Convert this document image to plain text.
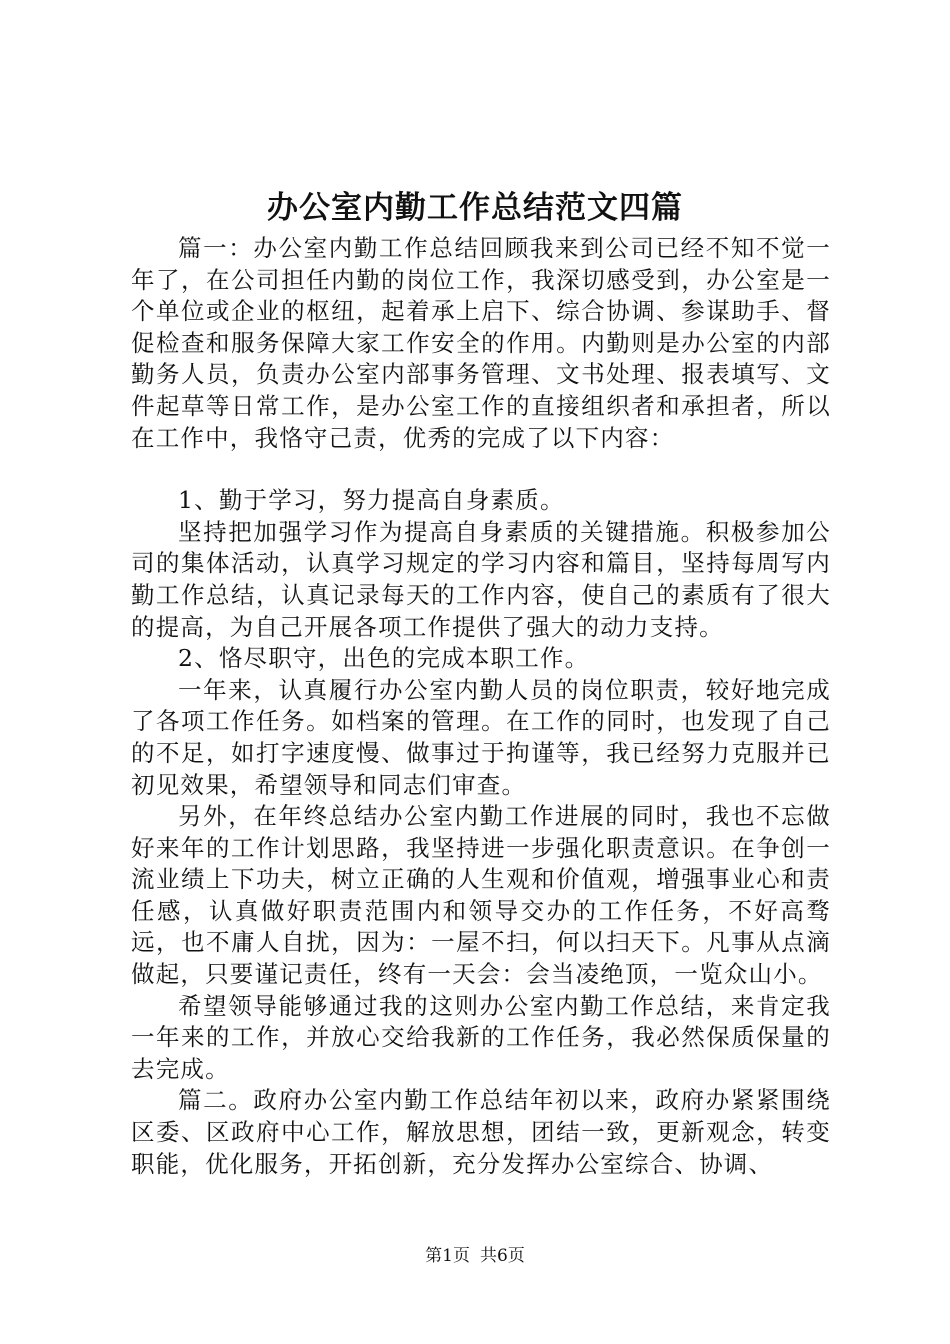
办公室内勤工作总结范文四篇

篇一：办公室内勤工作总结回顾我来到公司已经不知不觉一年了，在公司担任内勤的岗位工作，我深切感受到，办公室是一个单位或企业的枢纽，起着承上启下、综合协调、参谋助手、督促检查和服务保障大家工作安全的作用。内勤则是办公室的内部勤务人员，负责办公室内部事务管理、文书处理、报表填写、文件起草等日常工作，是办公室工作的直接组织者和承担者，所以在工作中，我恪守己责，优秀的完成了以下内容：

1、勤于学习，努力提高自身素质。

坚持把加强学习作为提高自身素质的关键措施。积极参加公司的集体活动，认真学习规定的学习内容和篇目，坚持每周写内勤工作总结，认真记录每天的工作内容，使自己的素质有了很大的提高，为自己开展各项工作提供了强大的动力支持。

2、恪尽职守，出色的完成本职工作。

一年来，认真履行办公室内勤人员的岗位职责，较好地完成了各项工作任务。如档案的管理。在工作的同时，也发现了自己的不足，如打字速度慢、做事过于拘谨等，我已经努力克服并已初见效果，希望领导和同志们审查。

另外，在年终总结办公室内勤工作进展的同时，我也不忘做好来年的工作计划思路，我坚持进一步强化职责意识。在争创一流业绩上下功夫，树立正确的人生观和价值观，增强事业心和责任感，认真做好职责范围内和领导交办的工作任务，不好高骛远，也不庸人自扰，因为：一屋不扫，何以扫天下。凡事从点滴做起，只要谨记责任，终有一天会：会当凌绝顶，一览众山小。

希望领导能够通过我的这则办公室内勤工作总结，来肯定我一年来的工作，并放心交给我新的工作任务，我必然保质保量的去完成。

篇二。政府办公室内勤工作总结年初以来，政府办紧紧围绕区委、区政府中心工作，解放思想，团结一致，更新观念，转变职能，优化服务，开拓创新，充分发挥办公室综合、协调、

第1页 共6页
